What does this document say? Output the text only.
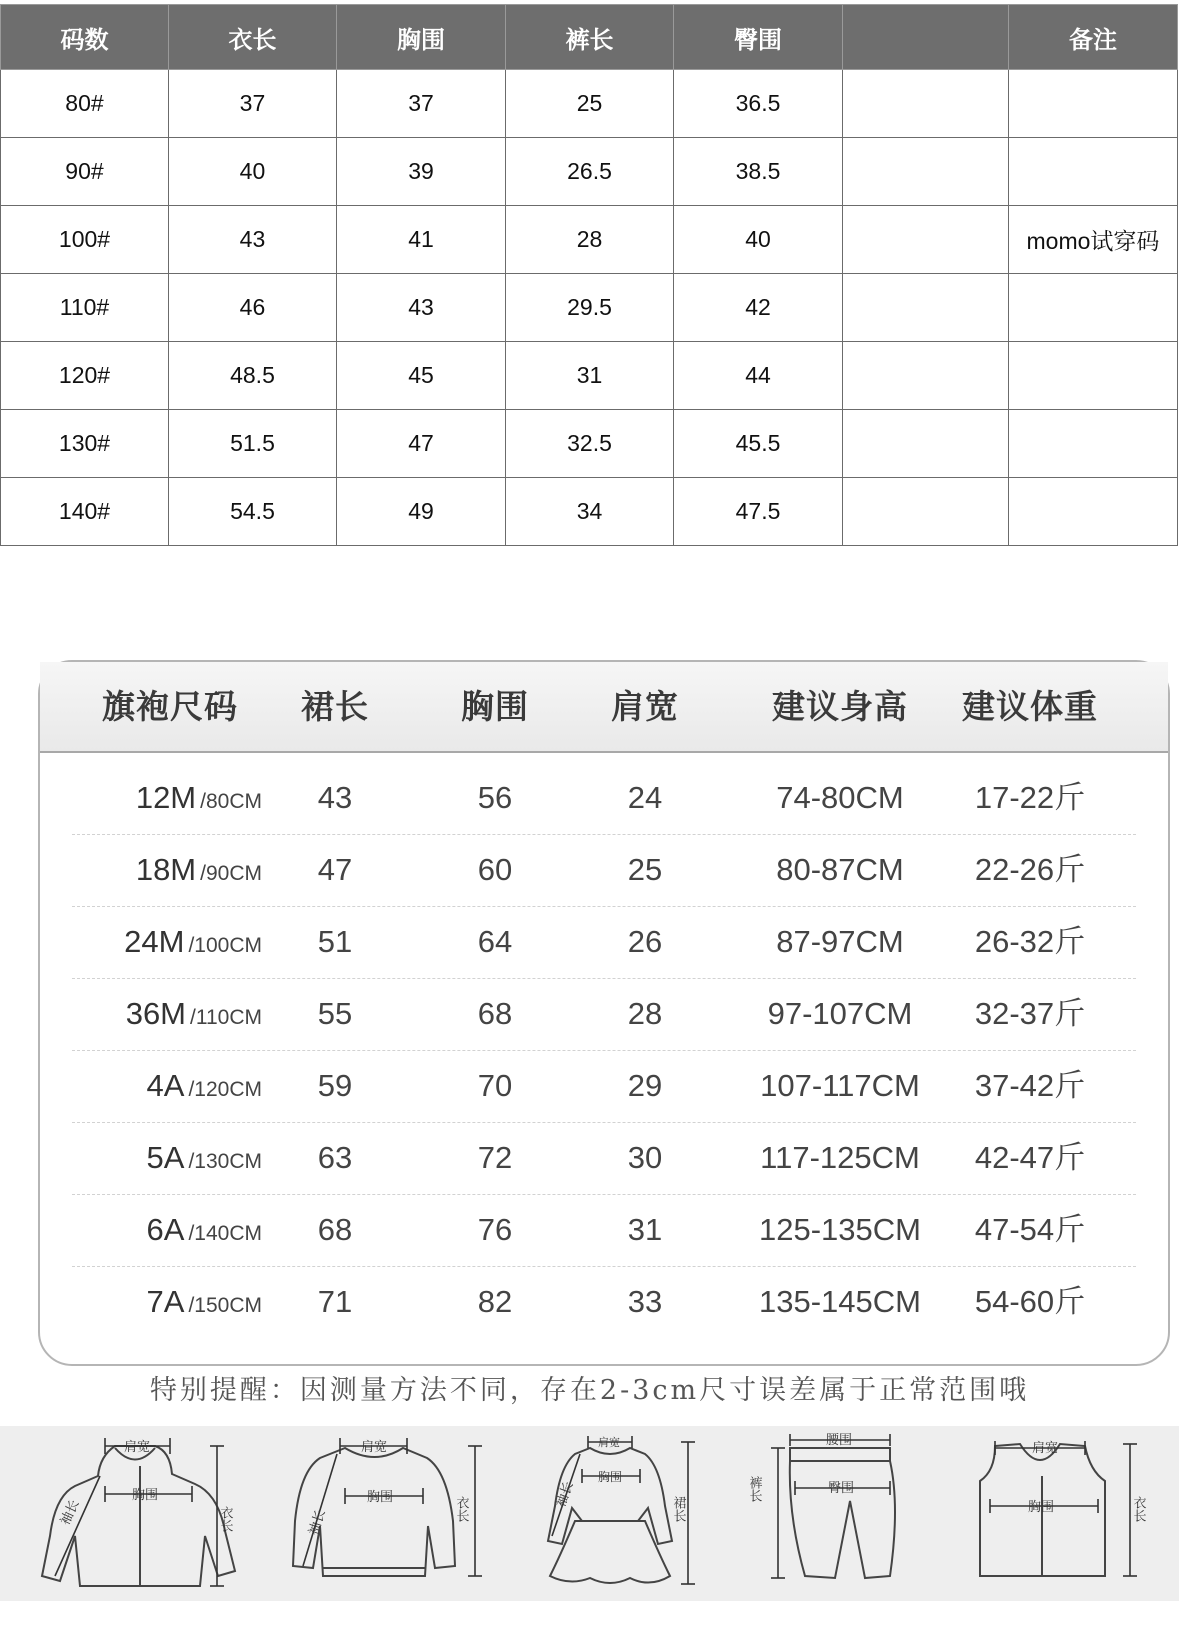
码数	衣长	胸围	裤长	臀围		备注
80#	37	37	25	36.5		
90#	40	39	26.5	38.5		
100#	43	41	28	40		momo试穿码
110#	46	43	29.5	42		
120#	48.5	45	31	44		
130#	51.5	47	32.5	45.5		
140#	54.5	49	34	47.5		
旗袍尺码	裙长	胸围	肩宽	建议身高	建议体重
12M /80CM	43	56	24	74-80CM	17-22斤
18M /90CM	47	60	25	80-87CM	22-26斤
24M /100CM	51	64	26	87-97CM	26-32斤
36M /110CM	55	68	28	97-107CM	32-37斤
4A /120CM	59	70	29	107-117CM	37-42斤
5A /130CM	63	72	30	117-125CM	42-47斤
6A /140CM	68	76	31	125-135CM	47-54斤
7A /150CM	71	82	33	135-145CM	54-60斤
特别提醒：因测量方法不同，存在2-3cm尺寸误差属于正常范围哦
肩宽
胸围
袖长	衣长
肩宽
胸围
袖长	衣长
肩宽
胸围
袖长	裙长
腰围
臀围
裤长
肩宽
胸围	衣长
